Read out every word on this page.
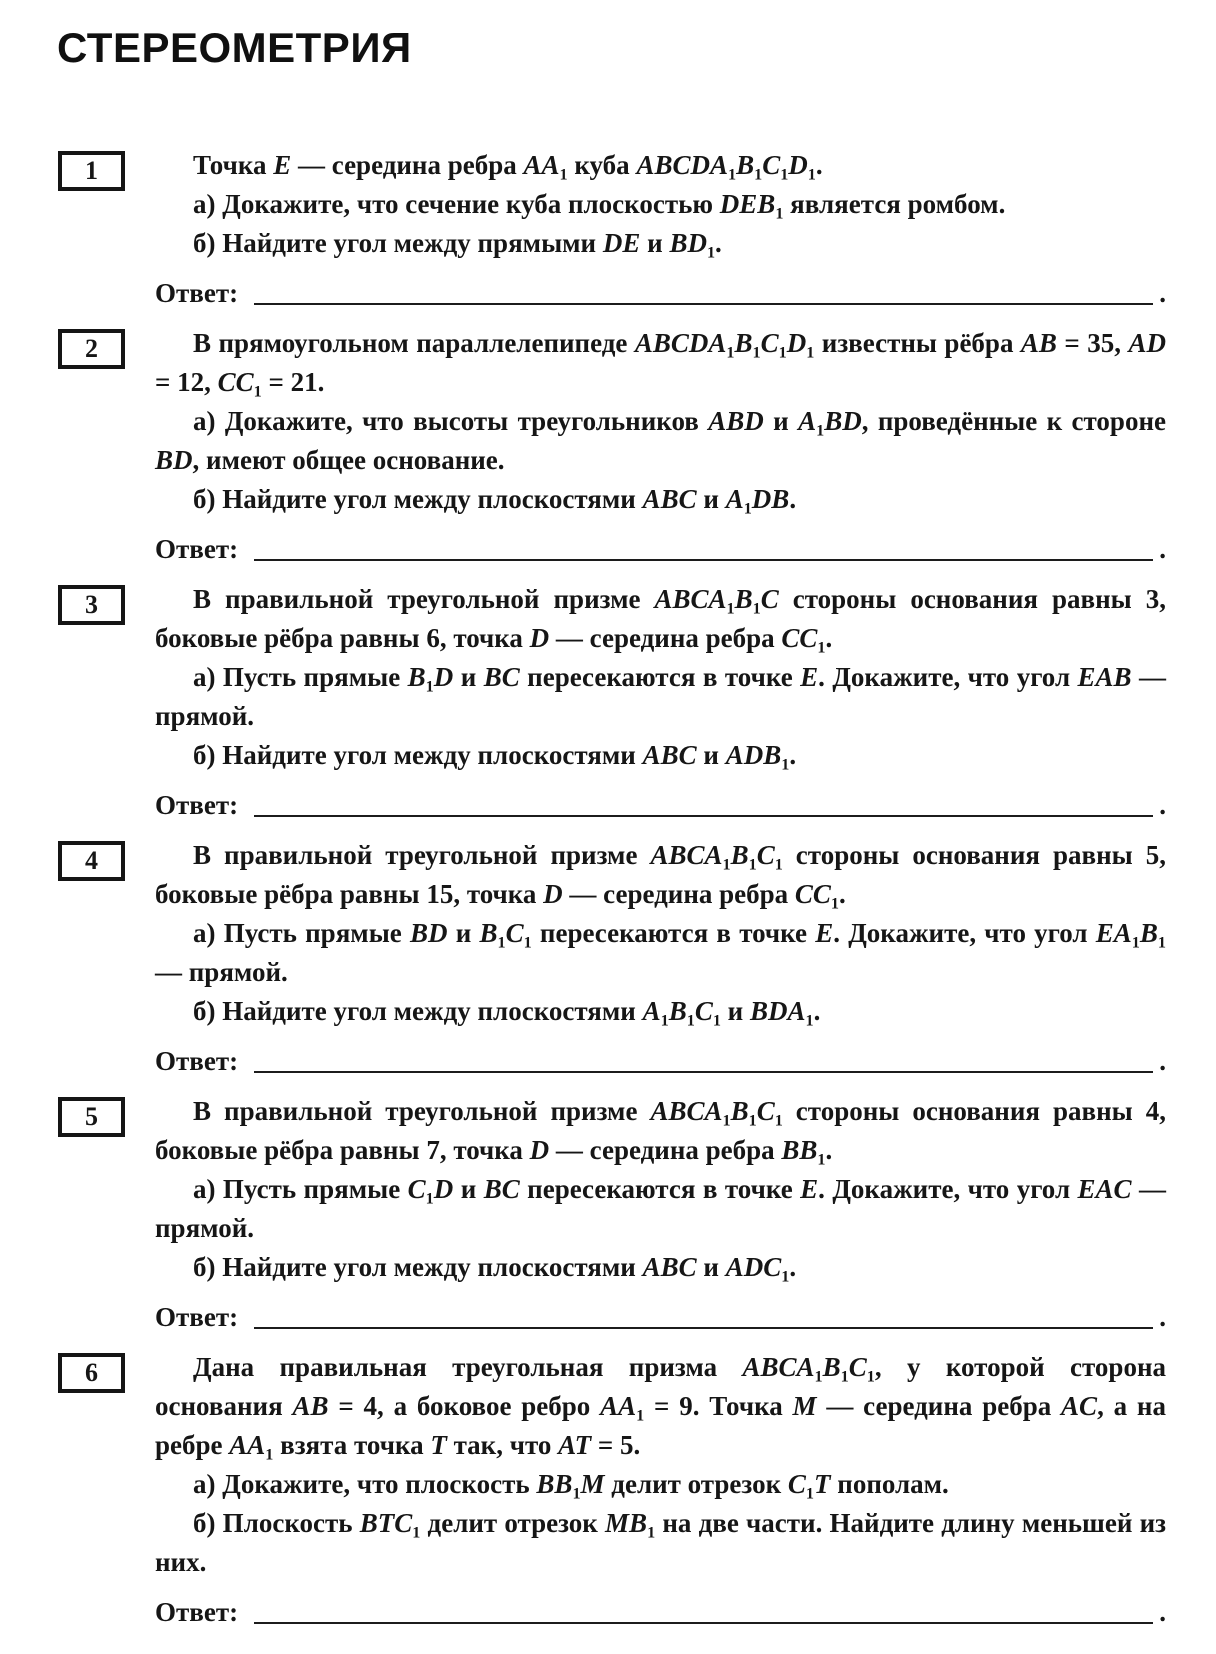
СТЕРЕОМЕТРИЯ
1	Точка E — середина ребра $AA_1$ куба $ABCDA_1B_1C_1D_1$.

а) Докажите, что сечение куба плоскостью $DEB_1$ является ромбом.

б) Найдите угол между прямыми DE и $BD_1$.

Ответ:	.
2	В прямоугольном параллелепипеде $ABCDA_1B_1C_1D_1$ известны рёбра AB = 35, AD = 12, $CC_1 = 21$.

а) Докажите, что высоты треугольников ABD и $A_1BD$, проведённые к стороне BD, имеют общее основание.

б) Найдите угол между плоскостями ABC и $A_1DB$.

Ответ:	.
3	В правильной треугольной призме $ABCA_1B_1C$ стороны основания равны 3, боковые рёбра равны 6, точка D — середина ребра $CC_1$.

а) Пусть прямые $B_1D$ и BC пересекаются в точке E. Докажите, что угол EAB — прямой.

б) Найдите угол между плоскостями ABC и $ADB_1$.

Ответ:	.
4	В правильной треугольной призме $ABCA_1B_1C_1$ стороны основания равны 5, боковые рёбра равны 15, точка D — середина ребра $CC_1$.

а) Пусть прямые BD и $B_1C_1$ пересекаются в точке E. Докажите, что угол $EA_1B_1$ — прямой.

б) Найдите угол между плоскостями $A_1B_1C_1$ и $BDA_1$.

Ответ:	.
5	В правильной треугольной призме $ABCA_1B_1C_1$ стороны основания равны 4, боковые рёбра равны 7, точка D — середина ребра $BB_1$.

а) Пусть прямые $C_1D$ и BC пересекаются в точке E. Докажите, что угол EAC — прямой.

б) Найдите угол между плоскостями ABC и $ADC_1$.

Ответ:	.
6	Дана правильная треугольная призма $ABCA_1B_1C_1$, у которой сторона основания AB = 4, а боковое ребро $AA_1 = 9$. Точка M — середина ребра AC, а на ребре $AA_1$ взята точка T так, что AT = 5.

а) Докажите, что плоскость $BB_1M$ делит отрезок $C_1T$ пополам.

б) Плоскость $BTC_1$ делит отрезок $MB_1$ на две части. Найдите длину меньшей из них.

Ответ:	.
